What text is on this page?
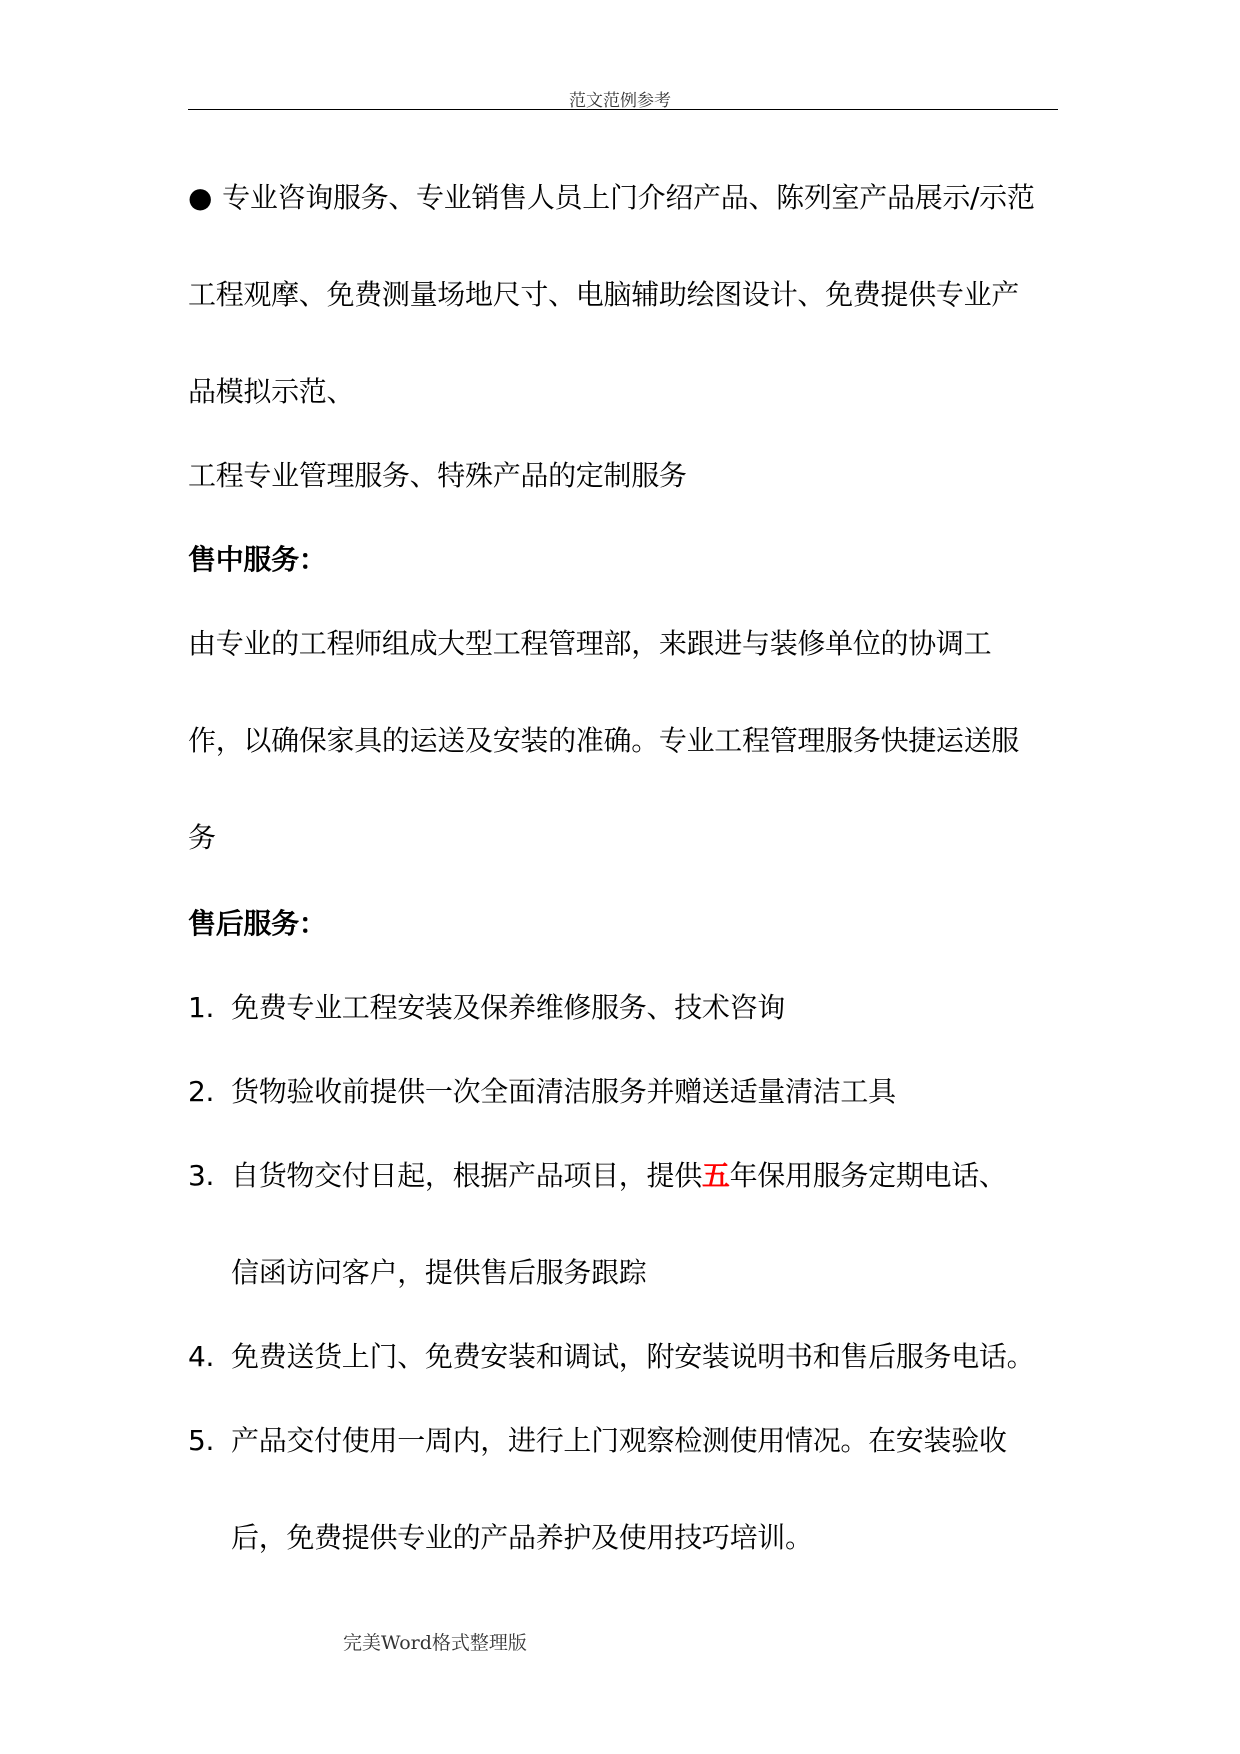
范文范例参考
● 专业咨询服务、专业销售人员上门介绍产品、陈列室产品展示/示范
工程观摩、免费测量场地尺寸、电脑辅助绘图设计、免费提供专业产
品模拟示范、
工程专业管理服务、特殊产品的定制服务
售中服务：
由专业的工程师组成大型工程管理部，来跟进与装修单位的协调工
作，以确保家具的运送及安装的准确。专业工程管理服务快捷运送服
务
售后服务：
1. 免费专业工程安装及保养维修服务、技术咨询
2. 货物验收前提供一次全面清洁服务并赠送适量清洁工具
3. 自货物交付日起，根据产品项目，提供五年保用服务定期电话、
信函访问客户，提供售后服务跟踪
4. 免费送货上门、免费安装和调试，附安装说明书和售后服务电话。
5. 产品交付使用一周内，进行上门观察检测使用情况。在安装验收
后，免费提供专业的产品养护及使用技巧培训。
完美Word格式整理版
